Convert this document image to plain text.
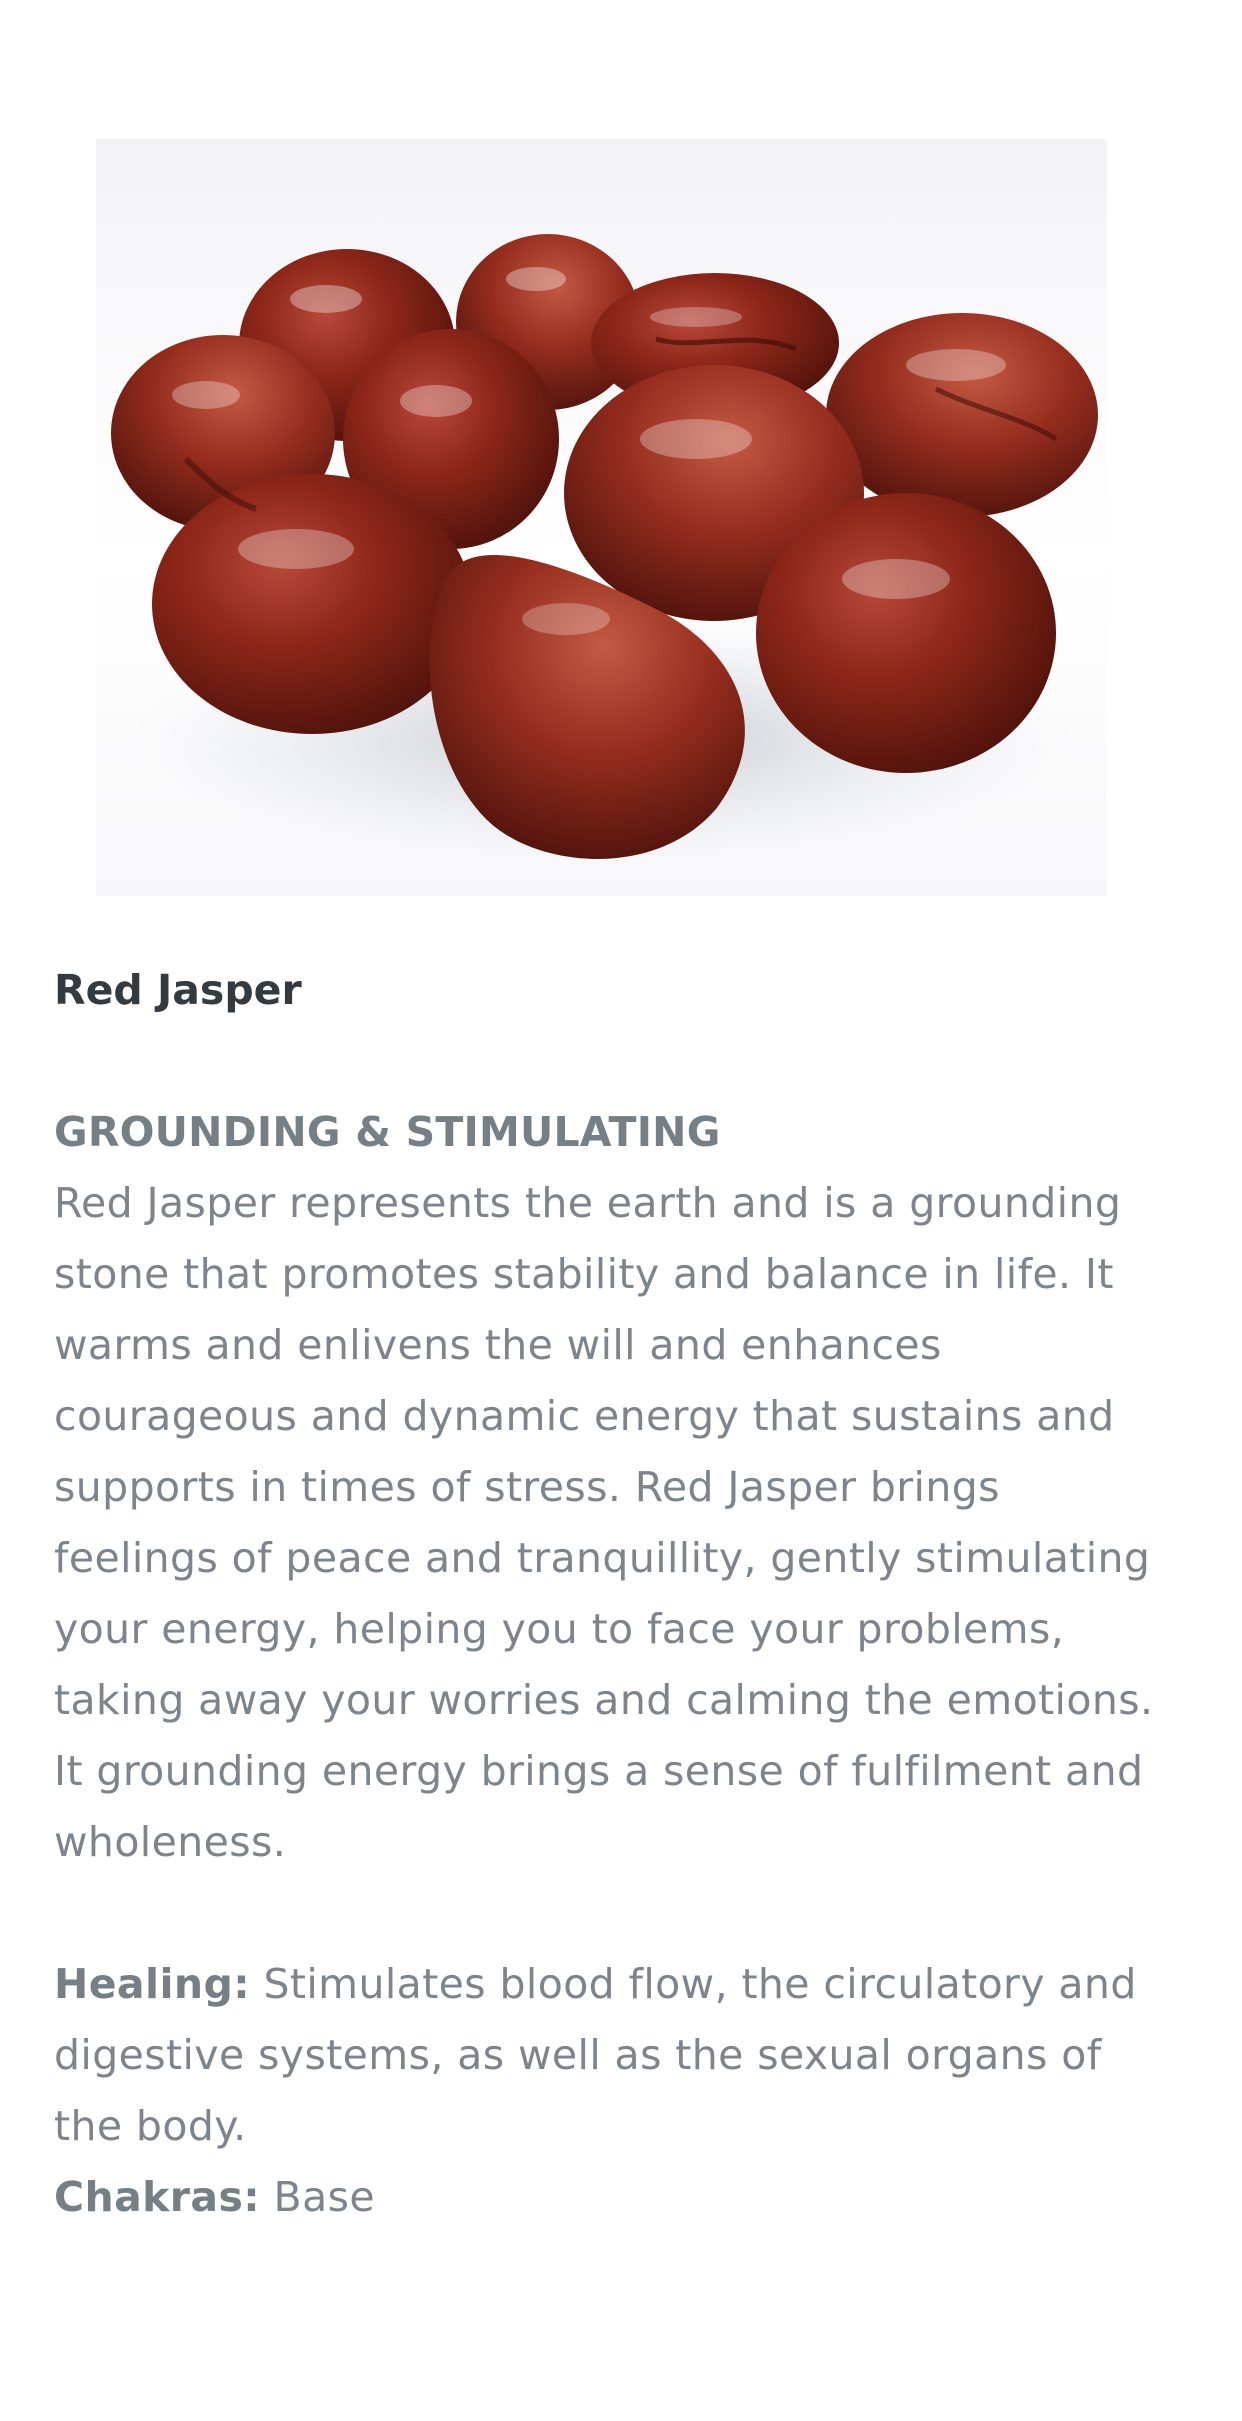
Red Jasper

GROUNDING & STIMULATING

Red Jasper represents the earth and is a grounding stone that promotes stability and balance in life. It warms and enlivens the will and enhances courageous and dynamic energy that sustains and supports in times of stress. Red Jasper brings feelings of peace and tranquillity, gently stimulating your energy, helping you to face your problems, taking away your worries and calming the emotions. It grounding energy brings a sense of fulfilment and wholeness.

Healing: Stimulates blood flow, the circulatory and digestive systems, as well as the sexual organs of the body.

Chakras: Base
